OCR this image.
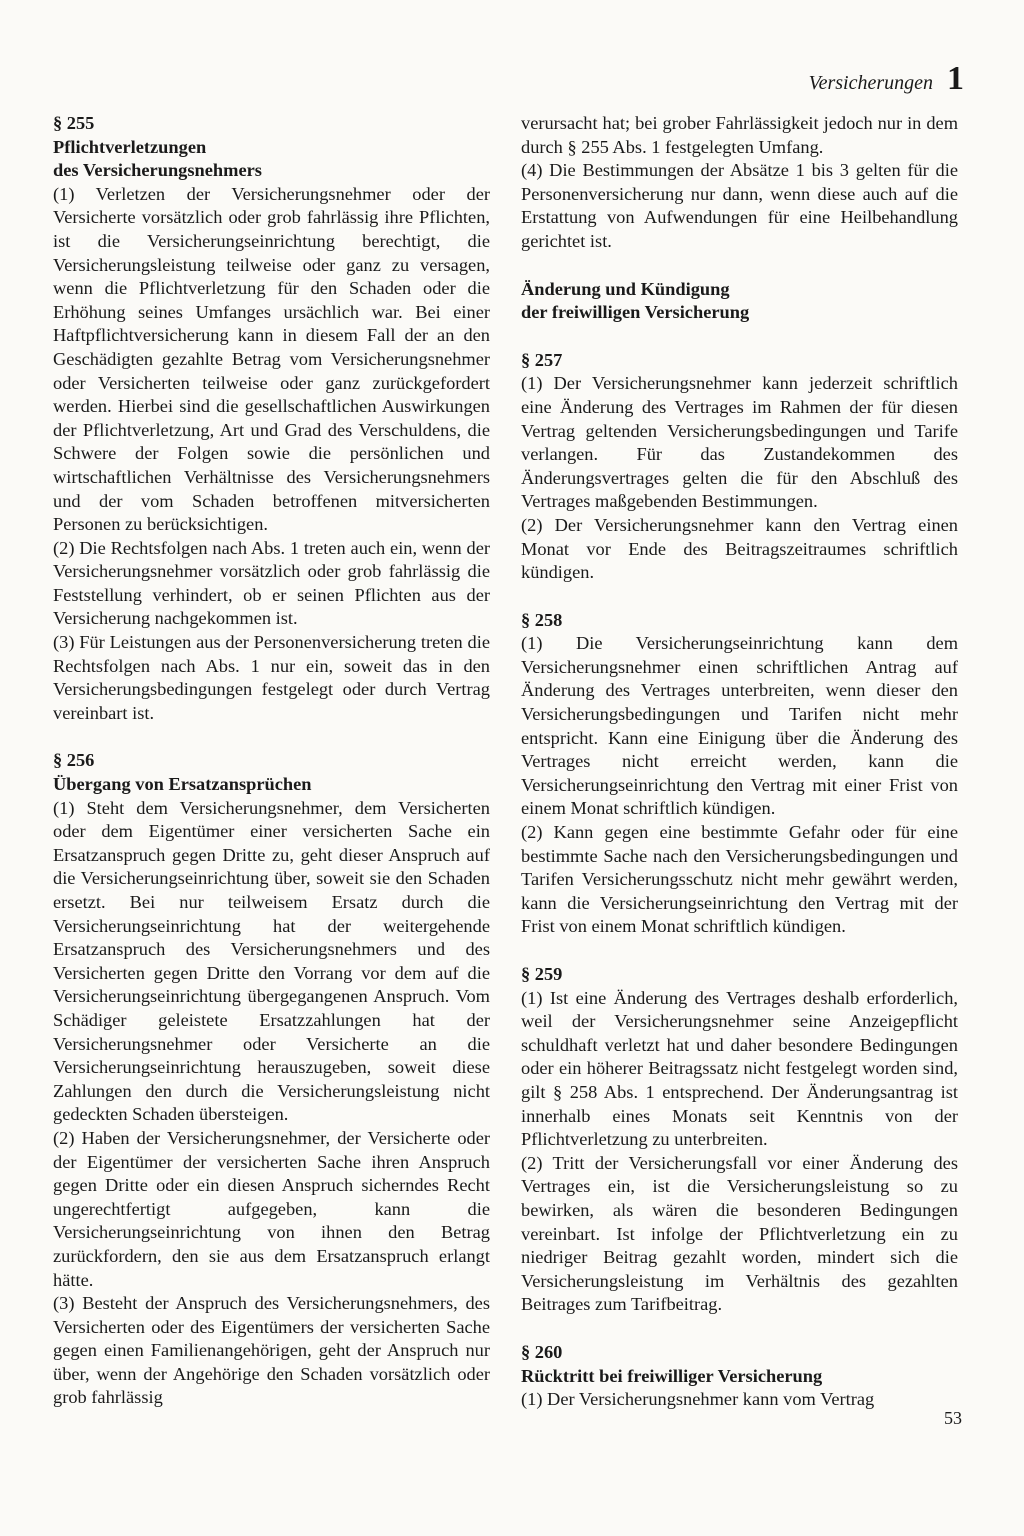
Versicherungen 1

§ 255

Pflichtverletzungen

des Versicherungsnehmers

(1) Verletzen der Versicherungsnehmer oder der Versicherte vorsätzlich oder grob fahrlässig ihre Pflichten, ist die Versicherungseinrichtung berechtigt, die Versicherungsleistung teilweise oder ganz zu versagen, wenn die Pflichtverletzung für den Schaden oder die Erhöhung seines Umfanges ursächlich war. Bei einer Haftpflichtversicherung kann in diesem Fall der an den Geschädigten gezahlte Betrag vom Versicherungsnehmer oder Versicherten teilweise oder ganz zurückgefordert werden. Hierbei sind die gesellschaftlichen Auswirkungen der Pflichtverletzung, Art und Grad des Verschuldens, die Schwere der Folgen sowie die persönlichen und wirtschaftlichen Verhältnisse des Versicherungsnehmers und der vom Schaden betroffenen mitversicherten Personen zu berücksichtigen.

(2) Die Rechtsfolgen nach Abs. 1 treten auch ein, wenn der Versicherungsnehmer vorsätzlich oder grob fahrlässig die Feststellung verhindert, ob er seinen Pflichten aus der Versicherung nachgekommen ist.

(3) Für Leistungen aus der Personenversicherung treten die Rechtsfolgen nach Abs. 1 nur ein, soweit das in den Versicherungsbedingungen festgelegt oder durch Vertrag vereinbart ist.

§ 256

Übergang von Ersatzansprüchen

(1) Steht dem Versicherungsnehmer, dem Versicherten oder dem Eigentümer einer versicherten Sache ein Ersatzanspruch gegen Dritte zu, geht dieser Anspruch auf die Versicherungseinrichtung über, soweit sie den Schaden ersetzt. Bei nur teilweisem Ersatz durch die Versicherungseinrichtung hat der weitergehende Ersatzanspruch des Versicherungsnehmers und des Versicherten gegen Dritte den Vorrang vor dem auf die Versicherungseinrichtung übergegangenen Anspruch. Vom Schädiger geleistete Ersatzzahlungen hat der Versicherungsnehmer oder Versicherte an die Versicherungseinrichtung herauszugeben, soweit diese Zahlungen den durch die Versicherungsleistung nicht gedeckten Schaden übersteigen.

(2) Haben der Versicherungsnehmer, der Versicherte oder der Eigentümer der versicherten Sache ihren Anspruch gegen Dritte oder ein diesen Anspruch sicherndes Recht ungerechtfertigt aufgegeben, kann die Versicherungseinrichtung von ihnen den Betrag zurückfordern, den sie aus dem Ersatzanspruch erlangt hätte.

(3) Besteht der Anspruch des Versicherungsnehmers, des Versicherten oder des Eigentümers der versicherten Sache gegen einen Familienangehörigen, geht der Anspruch nur über, wenn der Angehörige den Schaden vorsätzlich oder grob fahrlässig

verursacht hat; bei grober Fahrlässigkeit jedoch nur in dem durch § 255 Abs. 1 festgelegten Umfang.

(4) Die Bestimmungen der Absätze 1 bis 3 gelten für die Personenversicherung nur dann, wenn diese auch auf die Erstattung von Aufwendungen für eine Heilbehandlung gerichtet ist.

Änderung und Kündigung

der freiwilligen Versicherung

§ 257

(1) Der Versicherungsnehmer kann jederzeit schriftlich eine Änderung des Vertrages im Rahmen der für diesen Vertrag geltenden Versicherungsbedingungen und Tarife verlangen. Für das Zustandekommen des Änderungsvertrages gelten die für den Abschluß des Vertrages maßgebenden Bestimmungen.

(2) Der Versicherungsnehmer kann den Vertrag einen Monat vor Ende des Beitragszeitraumes schriftlich kündigen.

§ 258

(1) Die Versicherungseinrichtung kann dem Versicherungsnehmer einen schriftlichen Antrag auf Änderung des Vertrages unterbreiten, wenn dieser den Versicherungsbedingungen und Tarifen nicht mehr entspricht. Kann eine Einigung über die Änderung des Vertrages nicht erreicht werden, kann die Versicherungseinrichtung den Vertrag mit einer Frist von einem Monat schriftlich kündigen.

(2) Kann gegen eine bestimmte Gefahr oder für eine bestimmte Sache nach den Versicherungsbedingungen und Tarifen Versicherungsschutz nicht mehr gewährt werden, kann die Versicherungseinrichtung den Vertrag mit der Frist von einem Monat schriftlich kündigen.

§ 259

(1) Ist eine Änderung des Vertrages deshalb erforderlich, weil der Versicherungsnehmer seine Anzeigepflicht schuldhaft verletzt hat und daher besondere Bedingungen oder ein höherer Beitragssatz nicht festgelegt worden sind, gilt § 258 Abs. 1 entsprechend. Der Änderungsantrag ist innerhalb eines Monats seit Kenntnis von der Pflichtverletzung zu unterbreiten.

(2) Tritt der Versicherungsfall vor einer Änderung des Vertrages ein, ist die Versicherungsleistung so zu bewirken, als wären die besonderen Bedingungen vereinbart. Ist infolge der Pflichtverletzung ein zu niedriger Beitrag gezahlt worden, mindert sich die Versicherungsleistung im Verhältnis des gezahlten Beitrages zum Tarifbeitrag.

§ 260

Rücktritt bei freiwilliger Versicherung

(1) Der Versicherungsnehmer kann vom Vertrag

53
